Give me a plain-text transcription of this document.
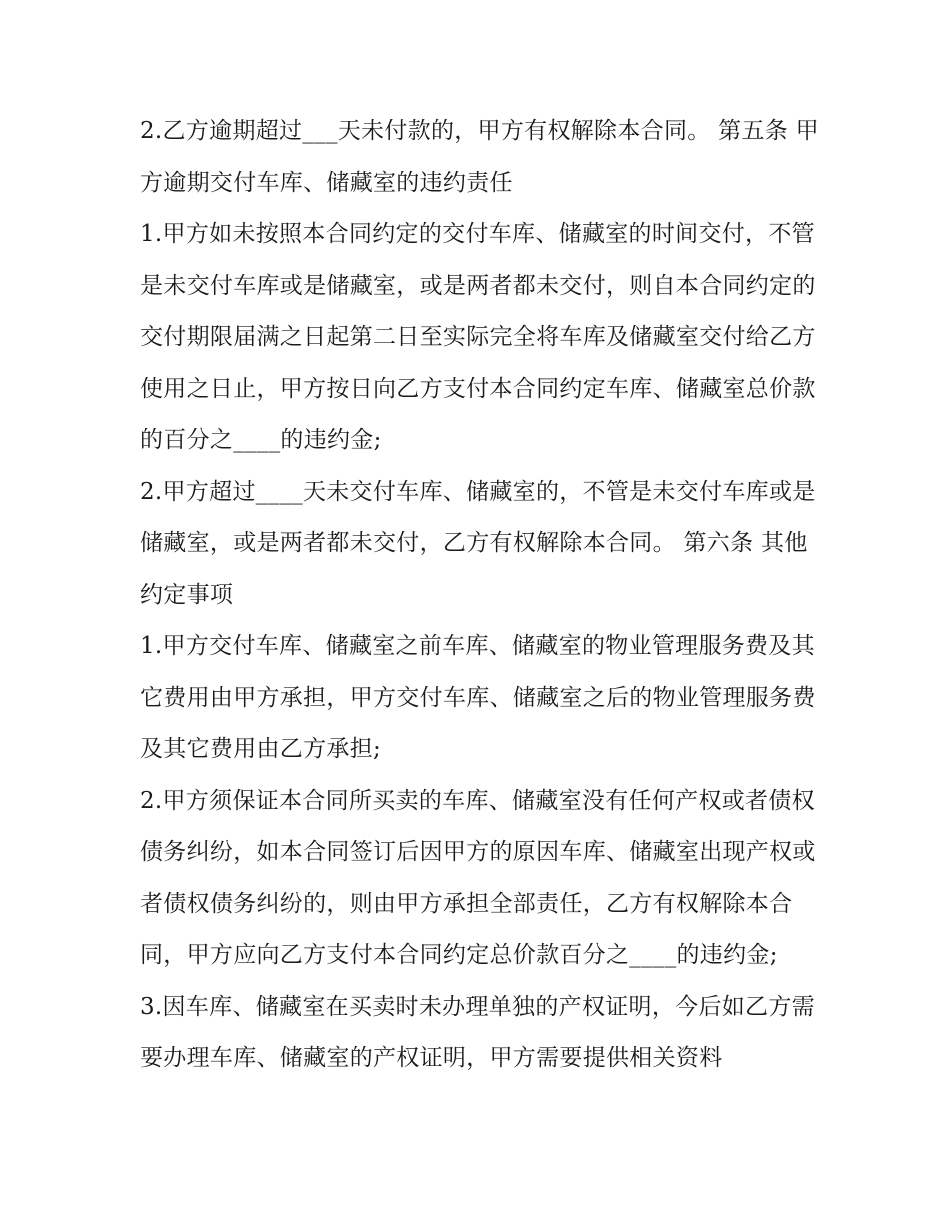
2.乙方逾期超过___天未付款的，甲方有权解除本合同。 第五条 甲方逾期交付车库、储藏室的违约责任

1.甲方如未按照本合同约定的交付车库、储藏室的时间交付，不管是未交付车库或是储藏室，或是两者都未交付，则自本合同约定的交付期限届满之日起第二日至实际完全将车库及储藏室交付给乙方使用之日止，甲方按日向乙方支付本合同约定车库、储藏室总价款的百分之____的违约金;

2.甲方超过____天未交付车库、储藏室的，不管是未交付车库或是储藏室，或是两者都未交付，乙方有权解除本合同。 第六条 其他约定事项

1.甲方交付车库、储藏室之前车库、储藏室的物业管理服务费及其它费用由甲方承担，甲方交付车库、储藏室之后的物业管理服务费及其它费用由乙方承担;

2.甲方须保证本合同所买卖的车库、储藏室没有任何产权或者债权债务纠纷，如本合同签订后因甲方的原因车库、储藏室出现产权或者债权债务纠纷的，则由甲方承担全部责任，乙方有权解除本合同，甲方应向乙方支付本合同约定总价款百分之____的违约金;

3.因车库、储藏室在买卖时未办理单独的产权证明，今后如乙方需要办理车库、储藏室的产权证明，甲方需要提供相关资料
